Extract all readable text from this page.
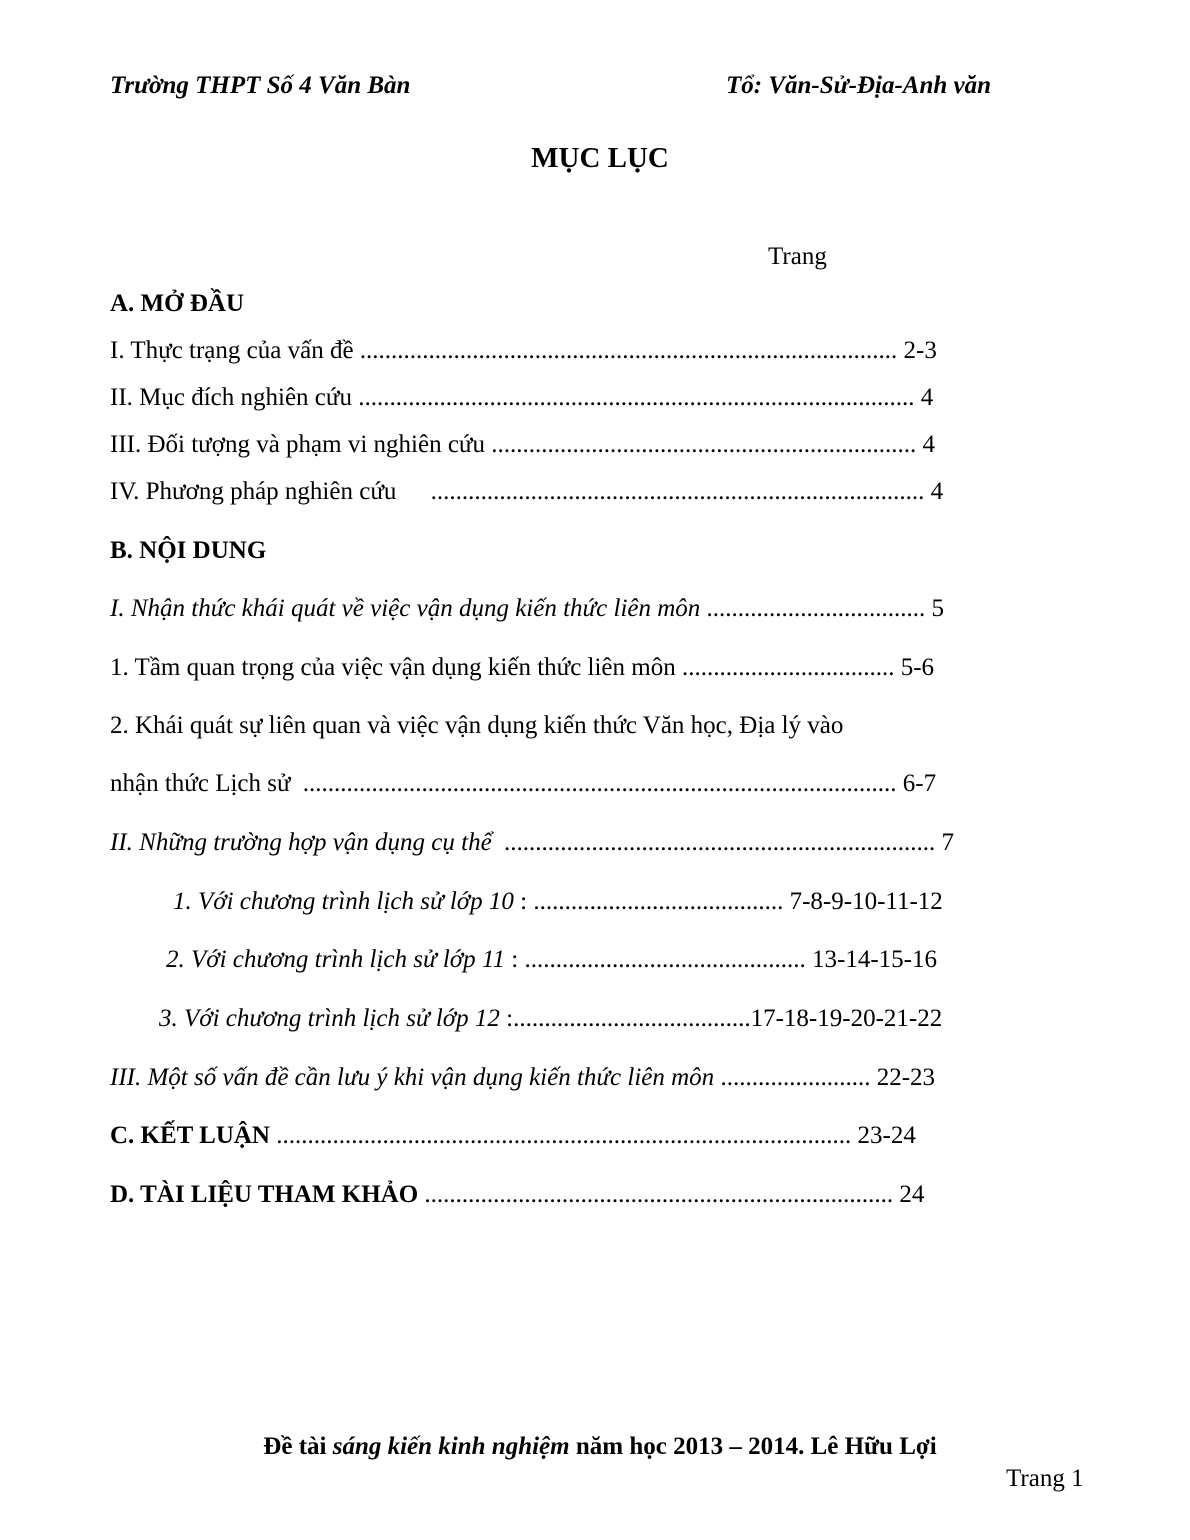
Trường THPT Số 4 Văn Bàn	Tổ: Văn-Sử-Địa-Anh văn
MỤC LỤC
Trang
A. MỞ ĐẦU
I. Thực trạng của vấn đề ...................................................................................... 2-3
II. Mục đích nghiên cứu ......................................................................................... 4
III. Đối tượng và phạm vi nghiên cứu .................................................................... 4
IV. Phương pháp nghiên cứu ............................................................................... 4
B. NỘI DUNG
I. Nhận thức khái quát về việc vận dụng kiến thức liên môn ................................... 5
1. Tầm quan trọng của việc vận dụng kiến thức liên môn .................................. 5-6
2. Khái quát sự liên quan và việc vận dụng kiến thức Văn học, Địa lý vào
nhận thức Lịch sử ............................................................................................... 6-7
II. Những trường hợp vận dụng cụ thể ..................................................................... 7
1. Với chương trình lịch sử lớp 10 : ........................................ 7-8-9-10-11-12
2. Với chương trình lịch sử lớp 11 : ............................................. 13-14-15-16
3. Với chương trình lịch sử lớp 12 :......................................17-18-19-20-21-22
III. Một số vấn đề cần lưu ý khi vận dụng kiến thức liên môn ........................ 22-23
C. KẾT LUẬN ............................................................................................ 23-24
D. TÀI LIỆU THAM KHẢO ........................................................................... 24
Đề tài sáng kiến kinh nghiệm năm học 2013 – 2014. Lê Hữu Lợi
Trang 1
